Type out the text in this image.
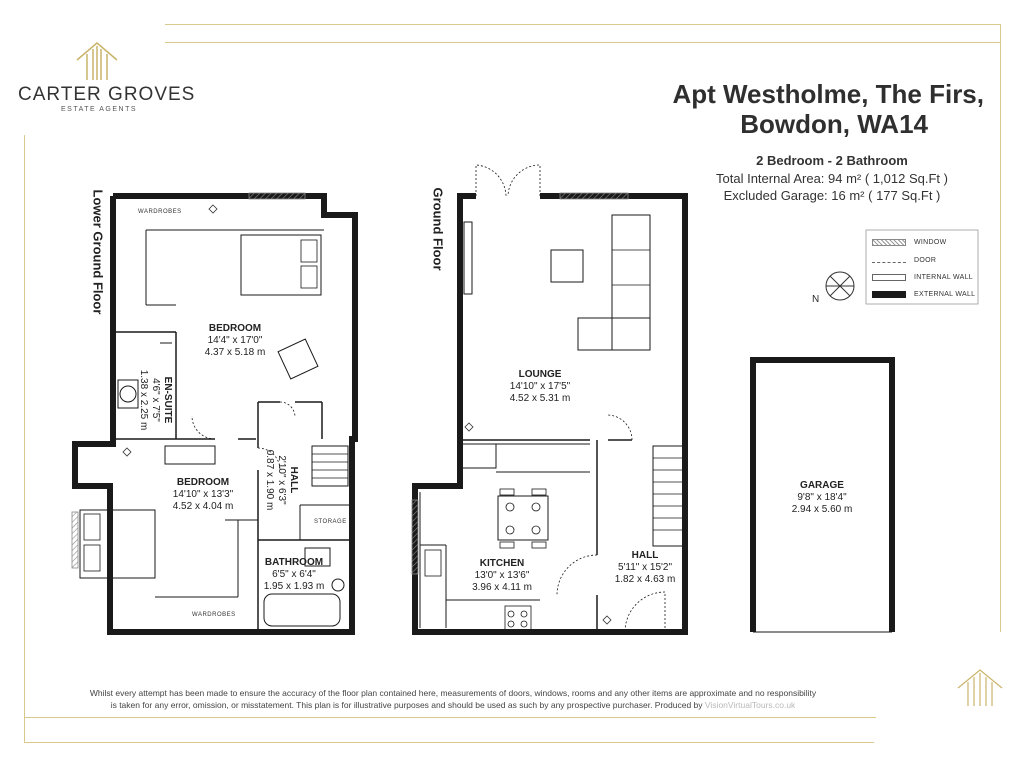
CARTER GROVES
ESTATE AGENTS
Apt Westholme, The Firs,
Bowdon, WA14
2 Bedroom - 2 Bathroom
Total Internal Area: 94 m² ( 1,012 Sq.Ft )
Excluded Garage: 16 m² ( 177 Sq.Ft )
WINDOW
DOOR
INTERNAL WALL
EXTERNAL WALL
N
Lower Ground Floor	Ground Floor
WARDROBES
WARDROBES
STORAGE
BEDROOM
14'4" x 17'0"
4.37 x 5.18 m
EN-SUITE
4'6" x 7'5"
1.38 x 2.25 m
BEDROOM
14'10" x 13'3"
4.52 x 4.04 m
HALL
2'10" x 6'3"
0.87 x 1.90 m
BATHROOM
6'5" x 6'4"
1.95 x 1.93 m
LOUNGE
14'10" x 17'5"
4.52 x 5.31 m
KITCHEN
13'0" x 13'6"
3.96 x 4.11 m
HALL
5'11" x 15'2"
1.82 x 4.63 m
GARAGE
9'8" x 18'4"
2.94 x 5.60 m
Whilst every attempt has been made to ensure the accuracy of the floor plan contained here, measurements of doors, windows, rooms and any other items are approximate and no responsibility
is taken for any error, omission, or misstatement. This plan is for illustrative purposes and should be used as such by any prospective purchaser. Produced by VisionVirtualTours.co.uk
